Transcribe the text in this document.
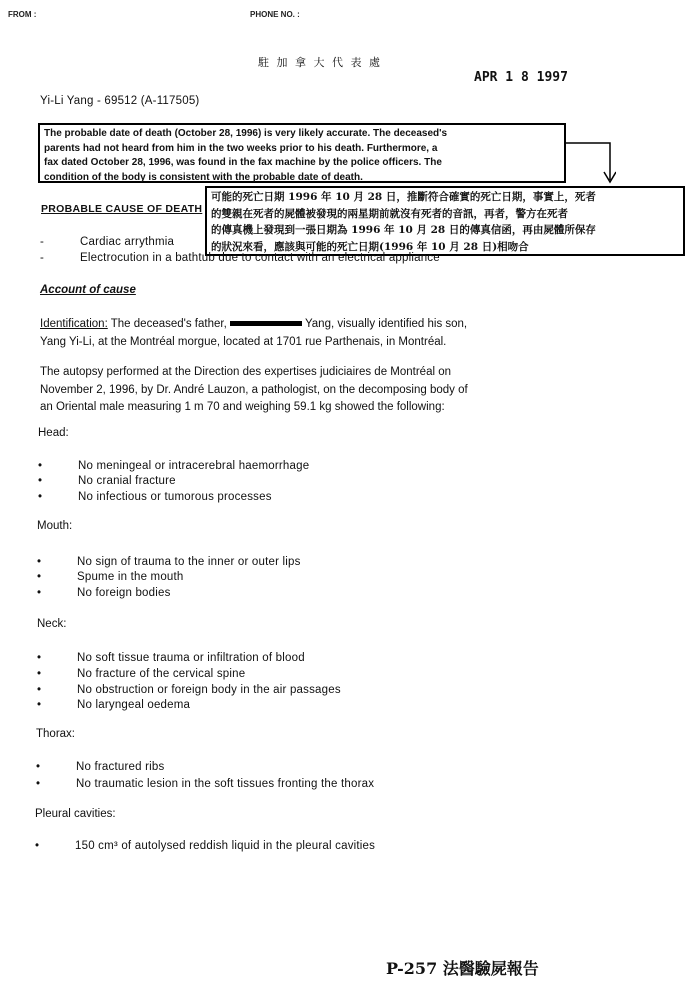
FROM :	PHONE NO. :
駐 加 拿 大 代 表 處
APR 1 8 1997
Yi-Li Yang - 69512 (A-117505)
The probable date of death (October 28, 1996) is very likely accurate. The deceased's
parents had not heard from him in the two weeks prior to his death. Furthermore, a
fax dated October 28, 1996, was found in the fax machine by the police officers. The
condition of the body is consistent with the probable date of death.
PROBABLE CAUSE OF DEATH
可能的死亡日期 1996 年 10 月 28 日，推斷符合確實的死亡日期，事實上，死者
的雙親在死者的屍體被發現的兩星期前就沒有死者的音訊，再者，警方在死者
的傳真機上發現到一張日期為 1996 年 10 月 28 日的傳真信函，再由屍體所保存
的狀況來看，應該與可能的死亡日期(1996 年 10 月 28 日)相吻合
-	Cardiac arrythmia
-	Electrocution in a bathtub due to contact with an electrical appliance
Account of cause
Identification: The deceased's father,	Yang, visually identified his son,
Yang Yi-Li, at the Montréal morgue, located at 1701 rue Parthenais, in Montréal.
The autopsy performed at the Direction des expertises judiciaires de Montréal on
November 2, 1996, by Dr. André Lauzon, a pathologist, on the decomposing body of
an Oriental male measuring 1 m 70 and weighing 59.1 kg showed the following:
Head:
•	No meningeal or intracerebral haemorrhage
•	No cranial fracture
•	No infectious or tumorous processes
Mouth:
•	No sign of trauma to the inner or outer lips
•	Spume in the mouth
•	No foreign bodies
Neck:
•	No soft tissue trauma or infiltration of blood
•	No fracture of the cervical spine
•	No obstruction or foreign body in the air passages
•	No laryngeal oedema
Thorax:
•	No fractured ribs
•	No traumatic lesion in the soft tissues fronting the thorax
Pleural cavities:
•	150 cm³ of autolysed reddish liquid in the pleural cavities
P-257 法醫驗屍報告
